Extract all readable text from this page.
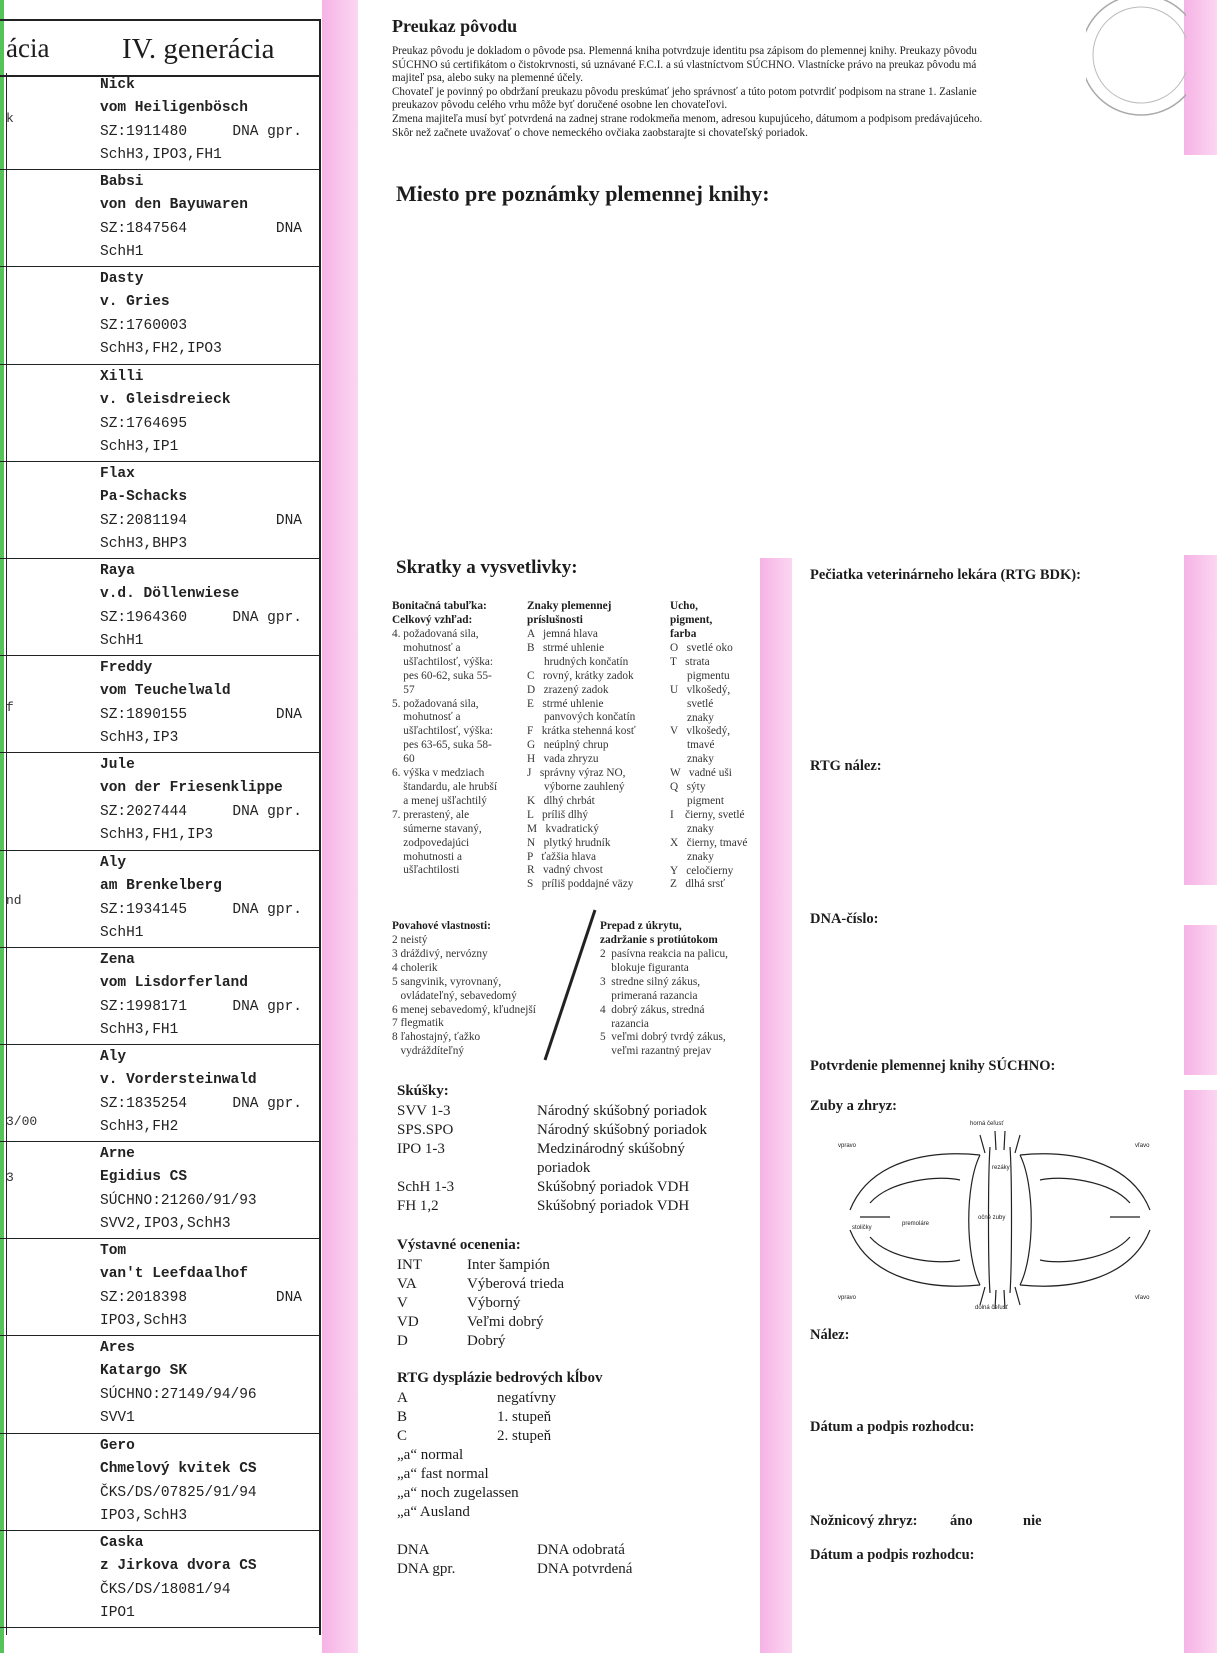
ácia	IV. generácia
Nick
vom Heiligenbösch
SZ:1911480	DNA gpr.
SchH3,IPO3,FH1
Babsi
von den Bayuwaren
SZ:1847564	DNA
SchH1
Dasty
v. Gries
SZ:1760003
SchH3,FH2,IPO3
Xilli
v. Gleisdreieck
SZ:1764695
SchH3,IP1
Flax
Pa-Schacks
SZ:2081194	DNA
SchH3,BHP3
Raya
v.d. Döllenwiese
SZ:1964360	DNA gpr.
SchH1
Freddy
vom Teuchelwald
SZ:1890155	DNA
SchH3,IP3
Jule
von der Friesenklippe
SZ:2027444	DNA gpr.
SchH3,FH1,IP3
Aly
am Brenkelberg
SZ:1934145	DNA gpr.
SchH1
Zena
vom Lisdorferland
SZ:1998171	DNA gpr.
SchH3,FH1
Aly
v. Vordersteinwald
SZ:1835254	DNA gpr.
SchH3,FH2
Arne
Egidius CS
SÚCHNO:21260/91/93
SVV2,IPO3,SchH3
Tom
van't Leefdaalhof
SZ:2018398	DNA
IPO3,SchH3
Ares
Katargo SK
SÚCHNO:27149/94/96
SVV1
Gero
Chmelový kvitek CS
ČKS/DS/07825/91/94
IPO3,SchH3
Caska
z Jirkova dvora CS
ČKS/DS/18081/94
IPO1
k
f
nd
3/00
3
Preukaz pôvodu
Preukaz pôvodu je dokladom o pôvode psa. Plemenná kniha potvrdzuje identitu psa zápisom do plemennej knihy. Preukazy pôvodu
SÚCHNO sú certifikátom o čistokrvnosti, sú uznávané F.C.I. a sú vlastníctvom SÚCHNO. Vlastnícke právo na preukaz pôvodu má
majiteľ psa, alebo suky na plemenné účely.
Chovateľ je povinný po obdržaní preukazu pôvodu preskúmať jeho správnosť a túto potom potvrdiť podpisom na strane 1. Zaslanie
preukazov pôvodu celého vrhu môže byť doručené osobne len chovateľovi.
Zmena majiteľa musí byť potvrdená na zadnej strane rodokmeňa menom, adresou kupujúceho, dátumom a podpisom predávajúceho.
Skôr než začnete uvažovať o chove nemeckého ovčiaka zaobstarajte si chovateľský poriadok.
Miesto pre poznámky plemennej knihy:
Skratky a vysvetlivky:
Bonitačná tabuľka:
Celkový vzhľad:
4. požadovaná sila,
mohutnosť a
ušľachtilosť, výška:
pes 60-62, suka 55-
57
5. požadovaná sila,
mohutnosť a
ušľachtilosť, výška:
pes 63-65, suka 58-
60
6. výška v medziach
štandardu, ale hrubší
a menej ušľachtilý
7. prerastený, ale
súmerne stavaný,
zodpovedajúci
mohutnosti a
ušľachtilosti
Znaky plemennej
príslušnosti
A   jemná hlava
B   strmé uhlenie
hrudných končatín
C   rovný, krátky zadok
D   zrazený zadok
E   strmé uhlenie
panvových končatín
F   krátka stehenná kosť
G   neúplný chrup
H   vada zhryzu
J   správny výraz NO,
výborne zauhlený
K   dlhý chrbát
L   príliš dlhý
M   kvadratický
N   plytký hrudník
P   ťažšia hlava
R   vadný chvost
S   príliš poddajné väzy
Ucho,
pigment,
farba
O   svetlé oko
T   strata
pigmentu
U   vlkošedý,
svetlé
znaky
V   vlkošedý,
tmavé
znaky
W   vadné uši
Q   sýty
pigment
I    čierny, svetlé
znaky
X   čierny, tmavé
znaky
Y   celočierny
Z   dlhá srsť
Povahové vlastnosti:
2 neistý
3 dráždivý, nervózny
4 cholerik
5 sangvinik, vyrovnaný,
ovládateľný, sebavedomý
6 menej sebavedomý, kľudnejší
7 flegmatik
8 ľahostajný, ťažko
vydráždíteľný
Prepad z úkrytu,
zadržanie s protiútokom
2  pasívna reakcia na palicu,
blokuje figuranta
3  stredne silný zákus,
primeraná razancia
4  dobrý zákus, stredná
razancia
5  veľmi dobrý tvrdý zákus,
veľmi razantný prejav
Skúšky:
SVV 1-3	Národný skúšobný poriadok
SPS.SPO	Národný skúšobný poriadok
IPO 1-3	Medzinárodný skúšobný
poriadok
SchH 1-3	Skúšobný poriadok VDH
FH 1,2	Skúšobný poriadok VDH
Výstavné ocenenia:
INT	Inter šampión
VA	Výberová trieda
V	Výborný
VD	Veľmi dobrý
D	Dobrý
RTG dysplázie bedrových kĺbov
A	negatívny
B	1. stupeň
C	2. stupeň
„a“ normal
„a“ fast normal
„a“ noch zugelassen
„a“ Ausland
DNA	DNA odobratá
DNA gpr.	DNA potvrdená
Pečiatka veterinárneho lekára (RTG BDK):
RTG nález:
DNA-číslo:
Potvrdenie plemennej knihy SÚCHNO:
Zuby a zhryz:
horná čeľusť
dolná čeľusť
vpravo	vľavo
vpravo	vľavo
premoláre
stoličky
rezáky
očné zuby
Nález:
Dátum a podpis rozhodcu:
Nožnicový zhryz: áno	nie
Dátum a podpis rozhodcu:
